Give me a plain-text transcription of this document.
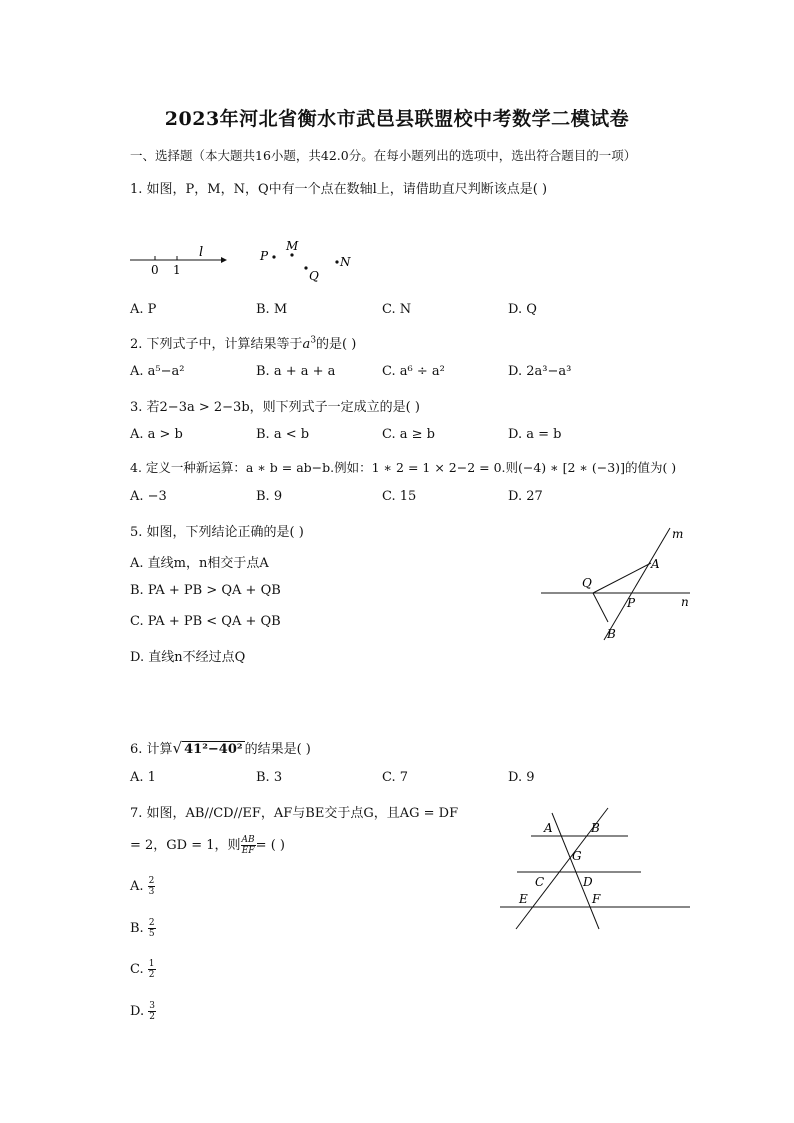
2023年河北省衡水市武邑县联盟校中考数学二模试卷
一、选择题（本大题共16小题，共42.0分。在每小题列出的选项中，选出符合题目的一项）
1. 如图，P，M，N，Q中有一个点在数轴l上，请借助直尺判断该点是( )
l
0 1
P
M
Q
N
A. P	B. M	C. N	D. Q
2. 下列式子中，计算结果等于$a^3$的是( )
A. a⁵−a²	B. a + a + a	C. a⁶ ÷ a²	D. 2a³−a³
3. 若2−3a > 2−3b，则下列式子一定成立的是( )
A. a > b	B. a < b	C. a ≥ b	D. a = b
4. 定义一种新运算：a ∗ b = ab−b.例如：1 ∗ 2 = 1 × 2−2 = 0.则(−4) ∗ [2 ∗ (−3)]的值为( )
A. −3	B. 9	C. 15	D. 27
5. 如图，下列结论正确的是( )
A. 直线m，n相交于点A
B. PA + PB > QA + QB
C. PA + PB < QA + QB
D. 直线n不经过点Q
m
n
A
Q
P
B
6. 计算√ 41²−40² 的结果是( )
A. 1	B. 3	C. 7	D. 9
7. 如图，AB//CD//EF，AF与BE交于点G，且AG = DF
= 2，GD = 1，则 $\frac{AB}{EF}$ = ( )
A. $\frac{2}{3}$
B. $\frac{2}{5}$
C. $\frac{1}{2}$
D. $\frac{3}{2}$
A	B
G
C	D
E	F
